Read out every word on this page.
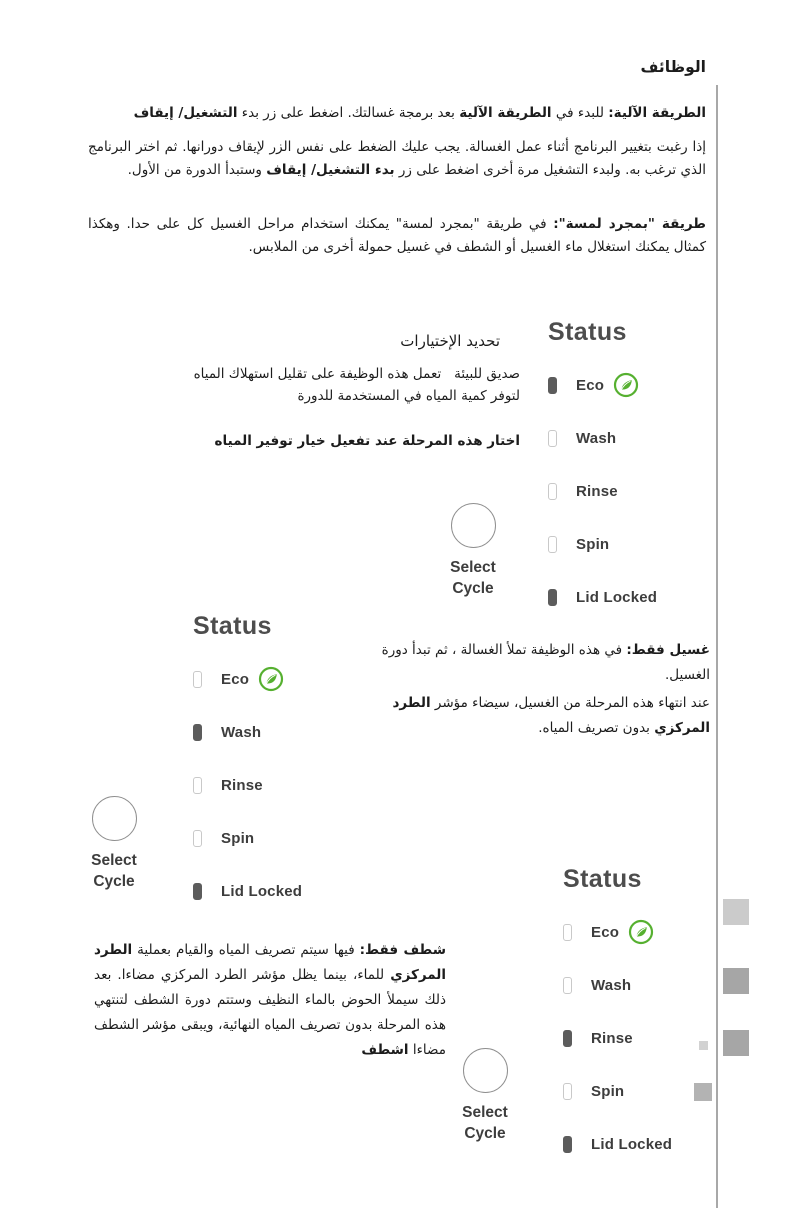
الوظائف
الطريقة الآلية: للبدء في الطريقة الآلية بعد برمجة غسالتك. اضغط على زر بدء التشغيل/ إيقاف
إذا رغبت بتغيير البرنامج أثناء عمل الغسالة. يجب عليك الضغط على نفس الزر لإيقاف دورانها. ثم اختر البرنامج الذي ترغب به. ولبدء التشغيل مرة أخرى اضغط على زر بدء التشغيل/ إيقاف وستبدأ الدورة من الأول.
طريقة "بمجرد لمسة": في طريقة "بمجرد لمسة" يمكنك استخدام مراحل الغسيل كل على حدا. وهكذا كمثال يمكنك استغلال ماء الغسيل أو الشطف في غسيل حمولة أخرى من الملابس.
تحديد الإختيارات
صديق للبيئة   تعمل هذه الوظيفة على تقليل استهلاك المياه لتوفر كمية المياه في المستخدمة للدورة
اختار هذه المرحلة عند تفعيل خيار توفير المياه
Status
Eco
Wash
Rinse
Spin
Lid Locked
Select
Cycle
Status
Eco
Wash
Rinse
Spin
Lid Locked
Select
Cycle
غسيل فقط: في هذه الوظيفة تملأ الغسالة ، ثم تبدأ دورة الغسيل.
عند انتهاء هذه المرحلة من الغسيل، سيضاء مؤشر الطرد المركزي بدون تصريف المياه.
Status
Eco
Wash
Rinse
Spin
Lid Locked
Select
Cycle
شطف فقط: فيها سيتم تصريف المياه والقيام بعملية الطرد المركزي للماء، بينما يظل مؤشر الطرد المركزي مضاءا. بعد ذلك سيملأ الحوض بالماء النظيف وستتم دورة الشطف لتنتهي هذه المرحلة بدون تصريف المياه النهائية، ويبقى مؤشر الشطف مضاءا اشطف
